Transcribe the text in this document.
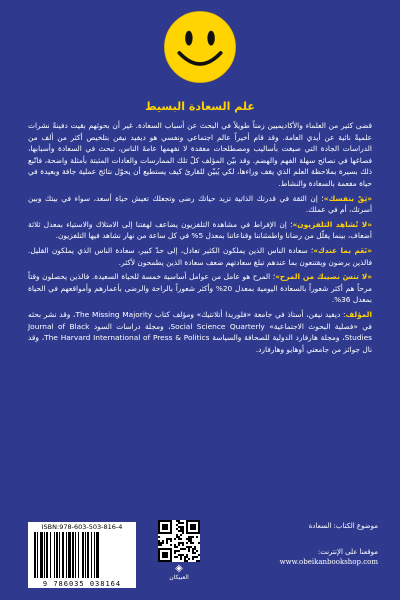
علم السعادة البسيط

قضى كثير من العلماء والأكاديميين زمناً طويلاً في البحث عن أسباب السعادة. غير أن بحوثهم بقيت دفينةً نشرات علميةً نائية عن أيدي العامة. وقد قام أخيراً عالم اجتماعي ونفسي هو ديفيد نيفن بتلخيص أكثر من ألف من الدراسات الجادة التي صيغت بأساليب ومصطلحات معقدة لا نفهمها عامةَ الناس، تبحث في السعادة وأسبابها، فصاغها في نصائح سهلة الفهم والهضم. وقد بيّن المؤلف كلّ تلك الممارسات والعادات المثبتة بأمثلة واضحة، فاتّبع ذلك بسيرة بملاحظة العلم الذي يقف وراءها، لكي يُبيّن للقارئ كيف يستطيع أن يحوّل نتائج عملية جافة وبعيدة في حياة مفعمة بالسعادة والنشاط.

«ثِقْ بنفسك»؛ إن الثقة في قدرتك الذاتية تزيد حياتك رضى وتجعلك تعيش حياة أسعد، سواء في بيتك وبين أسرتك، أم في عملك.

«لا تُشاهد التلفزيون»؛ إن الإفراط في مشاهدة التلفزيون يضاعف لهفتنا إلى الامتلاك والاستياء بمعدل ثلاثة أضعاف، بينما يقلّل من رضانا واطمئناننا وقناعاتنا بمعدل 5% في كل ساعة من نهار نشاهد فيها التلفزيون.

«نَعَم بما عندك»؛ سعادة الناس الذين يملكون الكثير تعادل، إلى حدّ كبير، سعادة الناس الذي يملكون القليل. فالذين يرضون ويقتنعون بما عندهم تبلغ سعادتهم ضعف سعادة الذين يطمحون لأكثر.

«لا تنسَ نصيبك من المرح»؛ المرح هو عامل من عوامل أساسية خمسة للحياة السعيدة. فالذين يحصلون وقتاً مرحاً هم أكثر شعوراً بالسعادة اليومية بمعدل 20% وأكثر شعوراً بالراحة والرضى بأعمارهم وأمواقعهم في الحياة بمعدل 36%.

المؤلف: ديفيد نيفن، أستاذ في جامعة «فلوريدا أتلانتيك» ومؤلف كتاب The Missing Majority، وقد نشر بحثه في «فصلية البحوث الاجتماعية» Social Science Quarterly، ومجلة دراسات السود Journal of Black Studies، ومجلة هارفارد الدولية للصحافة والسياسة The Harvard International of Press & Politics، وقد نال جوائز من جامعتي أوهايو وهارفارد.

ISBN:978-603-503-816-4
9 786035 038164
◈
العبيكان
موضوع الكتاب: السعادة
موقعنا على الإنترنت:
www.obeikanbookshop.com
